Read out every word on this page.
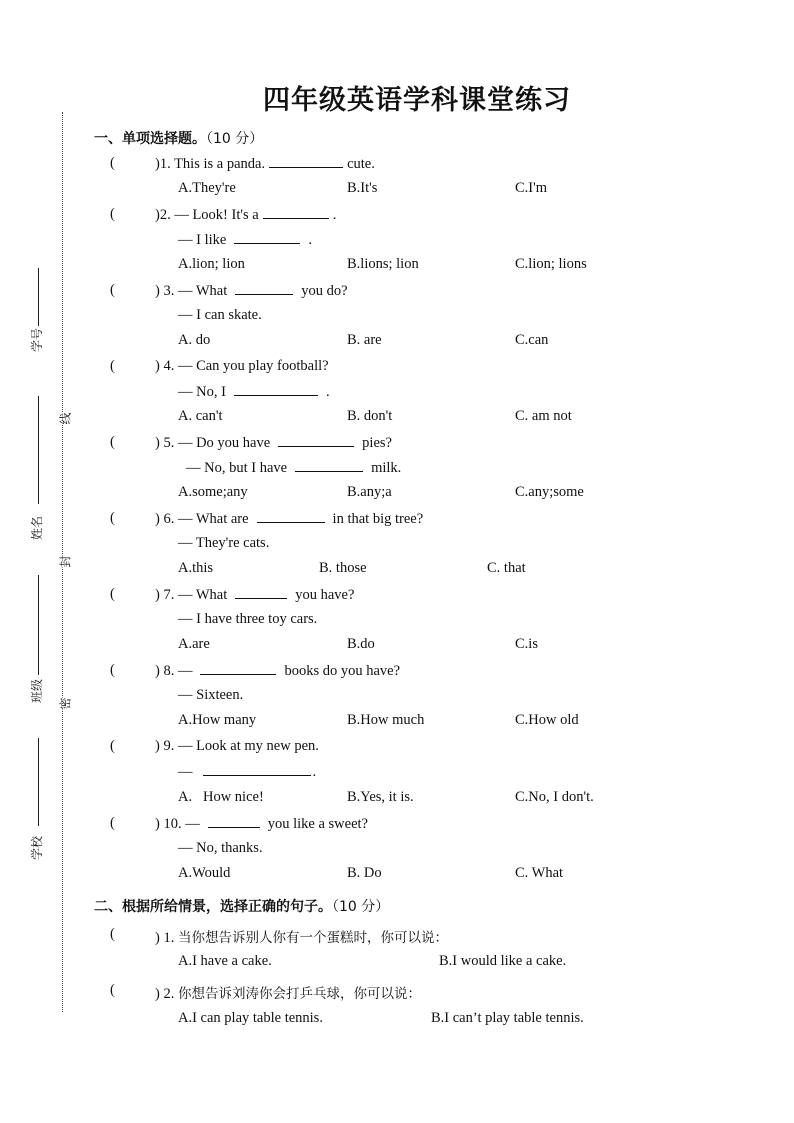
学号
姓名
班级
学校
线
封
密
四年级英语学科课堂练习
一、单项选择题。（10 分）
(	)1. This is a panda.	cute.
A.They're	B.It's	C.I'm
(	)2. — Look! It's a	.
— I like	.
A.lion; lion	B.lions; lion	C.lion; lions
(	) 3. — What	you do?
— I can skate.
A. do	B. are	C.can
(	) 4. — Can you play football?
— No, I	.
A. can't	B. don't	C. am not
(	) 5. — Do you have	pies?
— No, but I have	milk.
A.some;any	B.any;a	C.any;some
(	) 6. — What are	in that big tree?
— They're cats.
A.this	B. those	C. that
(	) 7. — What	you have?
— I have three toy cars.
A.are	B.do	C.is
(	) 8. —	books do you have?
— Sixteen.
A.How many	B.How much	C.How old
(	) 9. — Look at my new pen.
—	.
A.   How nice!	B.Yes, it is.	C.No, I don't.
(	) 10. —	you like a sweet?
— No, thanks.
A.Would	B. Do	C. What
二、根据所给情景，选择正确的句子。（10 分）
(	) 1. 当你想告诉别人你有一个蛋糕时，你可以说：
A.I have a cake.	B.I would like a cake.
(	) 2. 你想告诉刘涛你会打乒乓球，你可以说：
A.I can play table tennis.	B.I can’t play table tennis.
